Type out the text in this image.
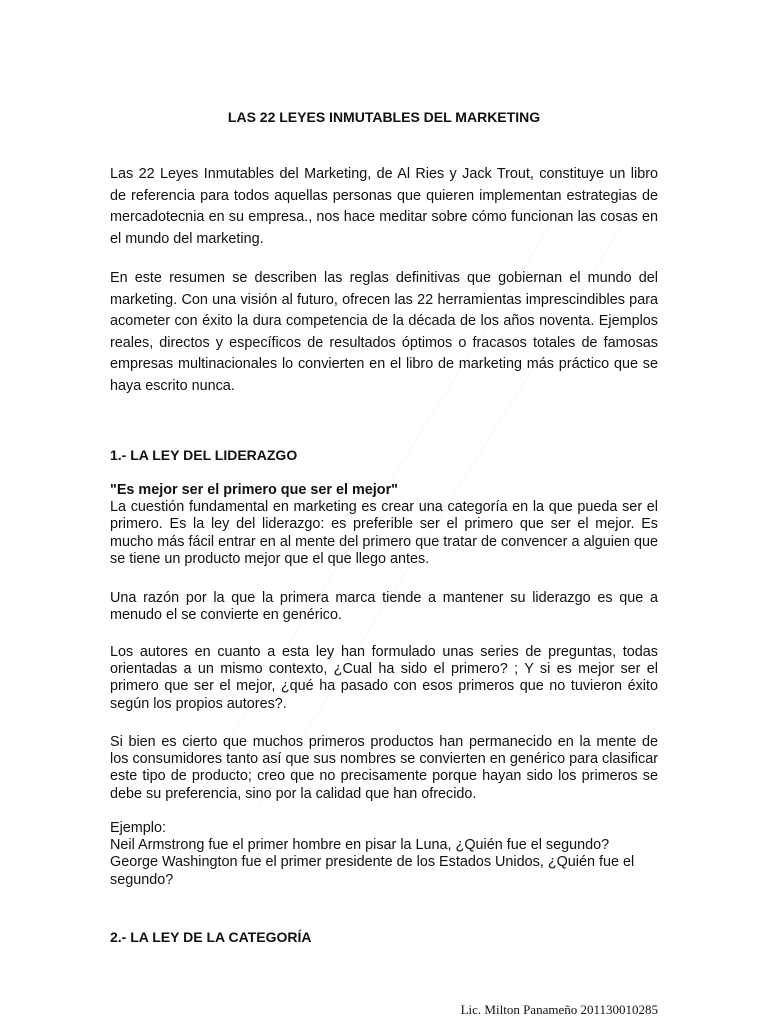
LAS 22 LEYES INMUTABLES DEL MARKETING

Las 22 Leyes Inmutables del Marketing, de Al Ries y Jack Trout, constituye un libro de referencia para todos aquellas personas que quieren implementan estrategias de mercadotecnia en su empresa., nos hace meditar sobre cómo funcionan las cosas en el mundo del marketing.

En este resumen se describen las reglas definitivas que gobiernan el mundo del marketing. Con una visión al futuro, ofrecen las 22 herramientas imprescindibles para acometer con éxito la dura competencia de la década de los años noventa. Ejemplos reales, directos y específicos de resultados óptimos o fracasos totales de famosas empresas multinacionales lo convierten en el libro de marketing más práctico que se haya escrito nunca.

1.- LA LEY DEL LIDERAZGO

"Es mejor ser el primero que ser el mejor"

La cuestión fundamental en marketing es crear una categoría en la que pueda ser el primero. Es la ley del liderazgo: es preferible ser el primero que ser el mejor. Es mucho más fácil entrar en al mente del primero que tratar de convencer a alguien que se tiene un producto mejor que el que llego antes.

Una razón por la que la primera marca tiende a mantener su liderazgo es que a menudo el se convierte en genérico.

Los autores en cuanto a esta ley han formulado unas series de preguntas, todas orientadas a un mismo contexto, ¿Cual ha sido el primero? ; Y si es mejor ser el primero que ser el mejor, ¿qué ha pasado con esos primeros que no tuvieron éxito según los propios autores?.

Si bien es cierto que muchos primeros productos han permanecido en la mente de los consumidores tanto así que sus nombres se convierten en genérico para clasificar este tipo de producto; creo que no precisamente porque hayan sido los primeros se debe su preferencia, sino por la calidad que han ofrecido.

Ejemplo:

Neil Armstrong fue el primer hombre en pisar la Luna, ¿Quién fue el segundo?

George Washington fue el primer presidente de los Estados Unidos, ¿Quién fue el segundo?

2.- LA LEY DE LA CATEGORÍA
Lic. Milton Panameño 201130010285
